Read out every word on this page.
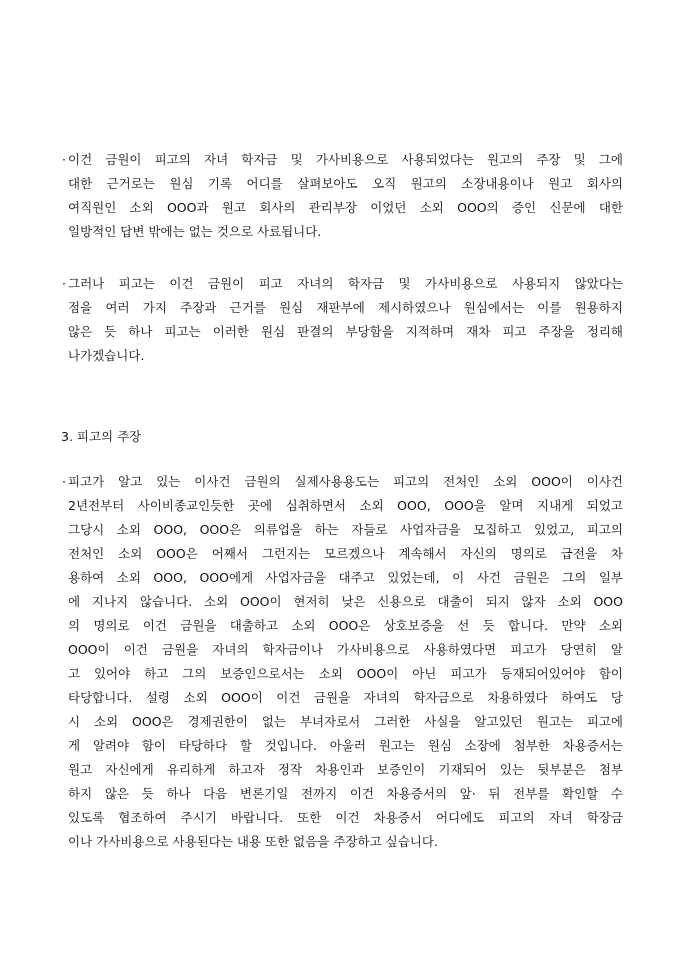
· 이건 금원이 피고의 자녀 학자금 및 가사비용으로 사용되었다는 원고의 주장 및 그에
대한 근거로는 원심 기록 어디를 살펴보아도 오직 원고의 소장내용이나 원고 회사의
여직원인 소외 OOO과 원고 회사의 관리부장 이었던 소외 OOO의 증인 신문에 대한
일방적인 답변 밖에는 없는 것으로 사료됩니다.
· 그러나 피고는 이건 금원이 피고 자녀의 학자금 및 가사비용으로 사용되지 않았다는
점을 여러 가지 주장과 근거를 원심 재판부에 제시하였으나 원심에서는 이를 원용하지
않은 듯 하나 피고는 이러한 원심 판결의 부당함을 지적하며 재차 피고 주장을 정리해
나가겠습니다.
3. 피고의 주장
· 피고가 알고 있는 이사건 금원의 실제사용용도는 피고의 전처인 소외 OOO이 이사건
2년전부터 사이비종교인듯한 곳에 심취하면서 소외 OOO, OOO을 알며 지내게 되었고
그당시 소외 OOO, OOO은 의류업을 하는 자들로 사업자금을 모집하고 있었고, 피고의
전처인 소외 OOO은 어째서 그런지는 모르겠으나 계속해서 자신의 명의로 급전을 차
용하여 소외 OOO, OOO에게 사업자금을 대주고 있었는데, 이 사건 금원은 그의 일부
에 지나지 않습니다. 소외 OOO이 현저히 낮은 신용으로 대출이 되지 않자 소외 OOO
의 명의로 이건 금원을 대출하고 소외 OOO은 상호보증을 선 듯 합니다. 만약 소외
OOO이 이건 금원을 자녀의 학자금이나 가사비용으로 사용하였다면 피고가 당연히 알
고 있어야 하고 그의 보증인으로서는 소외 OOO이 아닌 피고가 등재되어있어야 함이
타당합니다. 설령 소외 OOO이 이건 금원을 자녀의 학자금으로 차용하였다 하여도 당
시 소외 OOO은 경제권한이 없는 부녀자로서 그러한 사실을 알고있던 원고는 피고에
게 알려야 함이 타당하다 할 것입니다. 아울러 원고는 원심 소장에 첨부한 차용증서는
원고 자신에게 유리하게 하고자 정작 차용인과 보증인이 기재되어 있는 뒷부분은 첨부
하지 않은 듯 하나 다음 변론기일 전까지 이건 차용증서의 앞· 뒤 전부를 확인할 수
있도록 협조하여 주시기 바랍니다. 또한 이건 차용증서 어디에도 피고의 자녀 학장금
이나 가사비용으로 사용된다는 내용 또한 없음을 주장하고 싶습니다.
